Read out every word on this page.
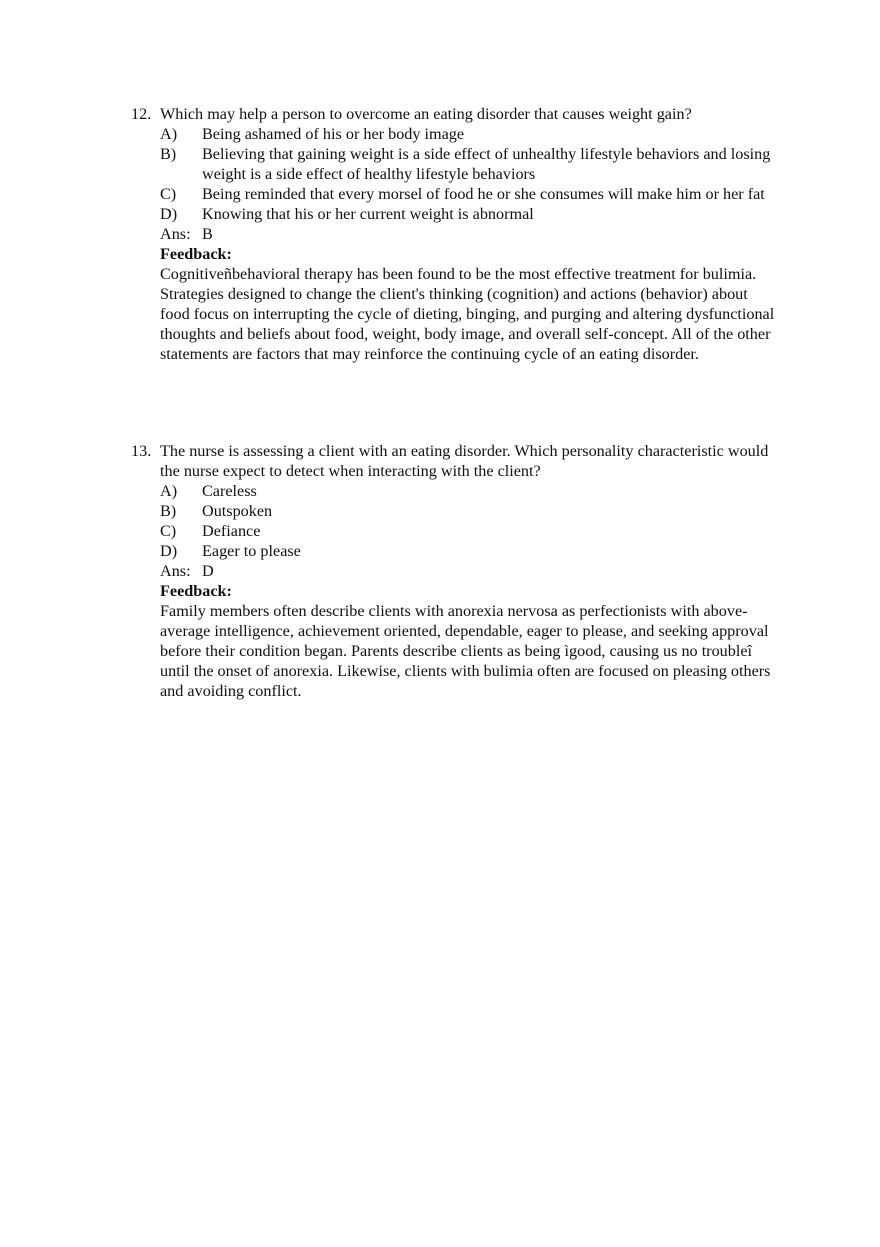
12. Which may help a person to overcome an eating disorder that causes weight gain?
A)	Being ashamed of his or her body image
B)	Believing that gaining weight is a side effect of unhealthy lifestyle behaviors and losing weight is a side effect of healthy lifestyle behaviors
C)	Being reminded that every morsel of food he or she consumes will make him or her fat
D)	Knowing that his or her current weight is abnormal
Ans: B
Feedback:

Cognitiveñbehavioral therapy has been found to be the most effective treatment for bulimia. Strategies designed to change the client's thinking (cognition) and actions (behavior) about food focus on interrupting the cycle of dieting, binging, and purging and altering dysfunctional thoughts and beliefs about food, weight, body image, and overall self-concept. All of the other statements are factors that may reinforce the continuing cycle of an eating disorder.

13. The nurse is assessing a client with an eating disorder. Which personality characteristic would the nurse expect to detect when interacting with the client?
A)	Careless
B)	Outspoken
C)	Defiance
D)	Eager to please
Ans: D
Feedback:

Family members often describe clients with anorexia nervosa as perfectionists with above-average intelligence, achievement oriented, dependable, eager to please, and seeking approval before their condition began. Parents describe clients as being ìgood, causing us no troubleî until the onset of anorexia. Likewise, clients with bulimia often are focused on pleasing others and avoiding conflict.
